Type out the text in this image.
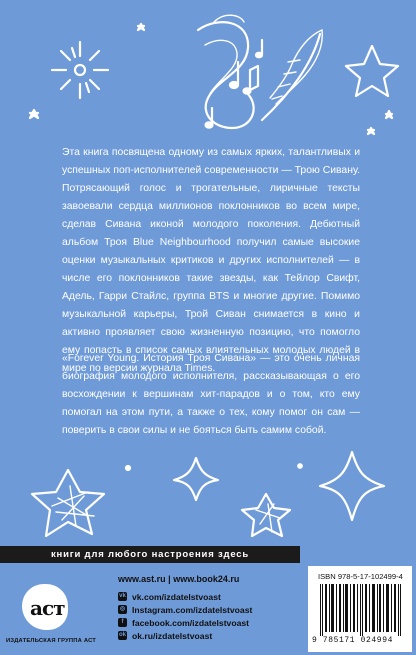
Эта книга посвящена одному из самых ярких, талантливых и успешных поп-исполнителей современности — Трою Сивану. Потрясающий голос и трогательные, лиричные тексты завоевали сердца миллионов поклонников во всем мире, сделав Сивана иконой молодого поколения. Дебютный альбом Троя Blue Neighbourhood получил самые высокие оценки музыкальных критиков и других исполнителей — в числе его поклонников такие звезды, как Тейлор Свифт, Адель, Гарри Стайлс, группа BTS и многие другие. Помимо музыкальной карьеры, Трой Сиван снимается в кино и активно проявляет свою жизненную позицию, что помогло ему попасть в список самых влиятельных молодых людей в мире по версии журнала Times.

«Forever Young. История Троя Сивана» — это очень личная биография молодого исполнителя, рассказывающая о его восхождении к вершинам хит-парадов и о том, кто ему помогал на этом пути, а также о тех, кому помог он сам — поверить в свои силы и не бояться быть самим собой.

книги для любого настроения здесь
аст
ИЗДАТЕЛЬСКАЯ ГРУППА АСТ
www.ast.ru | www.book24.ru
vk vk.com/izdatelstvoast
◎ Instagram.com/izdatelstvoast
f facebook.com/izdatelstvoast
ok ok.ru/izdatelstvoast
ISBN 978-5-17-102499-4
9 785171 024994
